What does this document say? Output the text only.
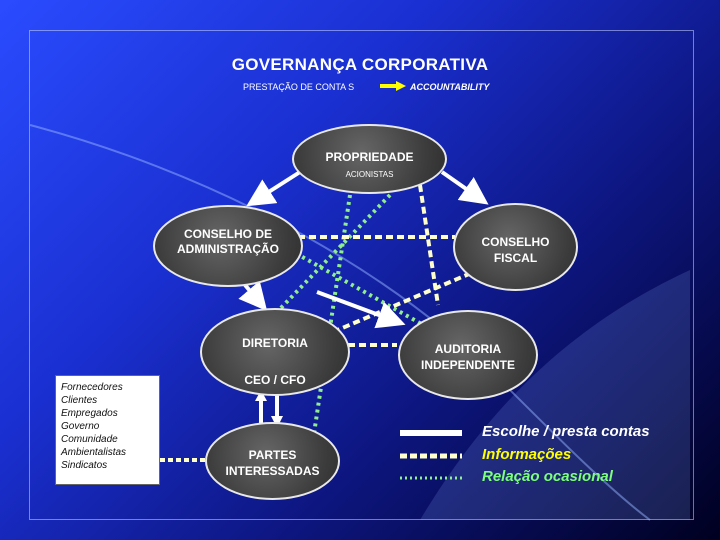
GOVERNANÇA CORPORATIVA
PRESTAÇÃO DE CONTA S	ACCOUNTABILITY
PROPRIEDADE
ACIONISTAS
CONSELHO DE
ADMINISTRAÇÃO	CONSELHO
FISCAL
DIRETORIA
CEO / CFO
AUDITORIA
INDEPENDENTE
PARTES
INTERESSADAS
Fornecedores
Clientes
Empregados
Governo
Comunidade
Ambientalistas
Sindicatos
Escolhe / presta contas
Informações
Relação ocasional
